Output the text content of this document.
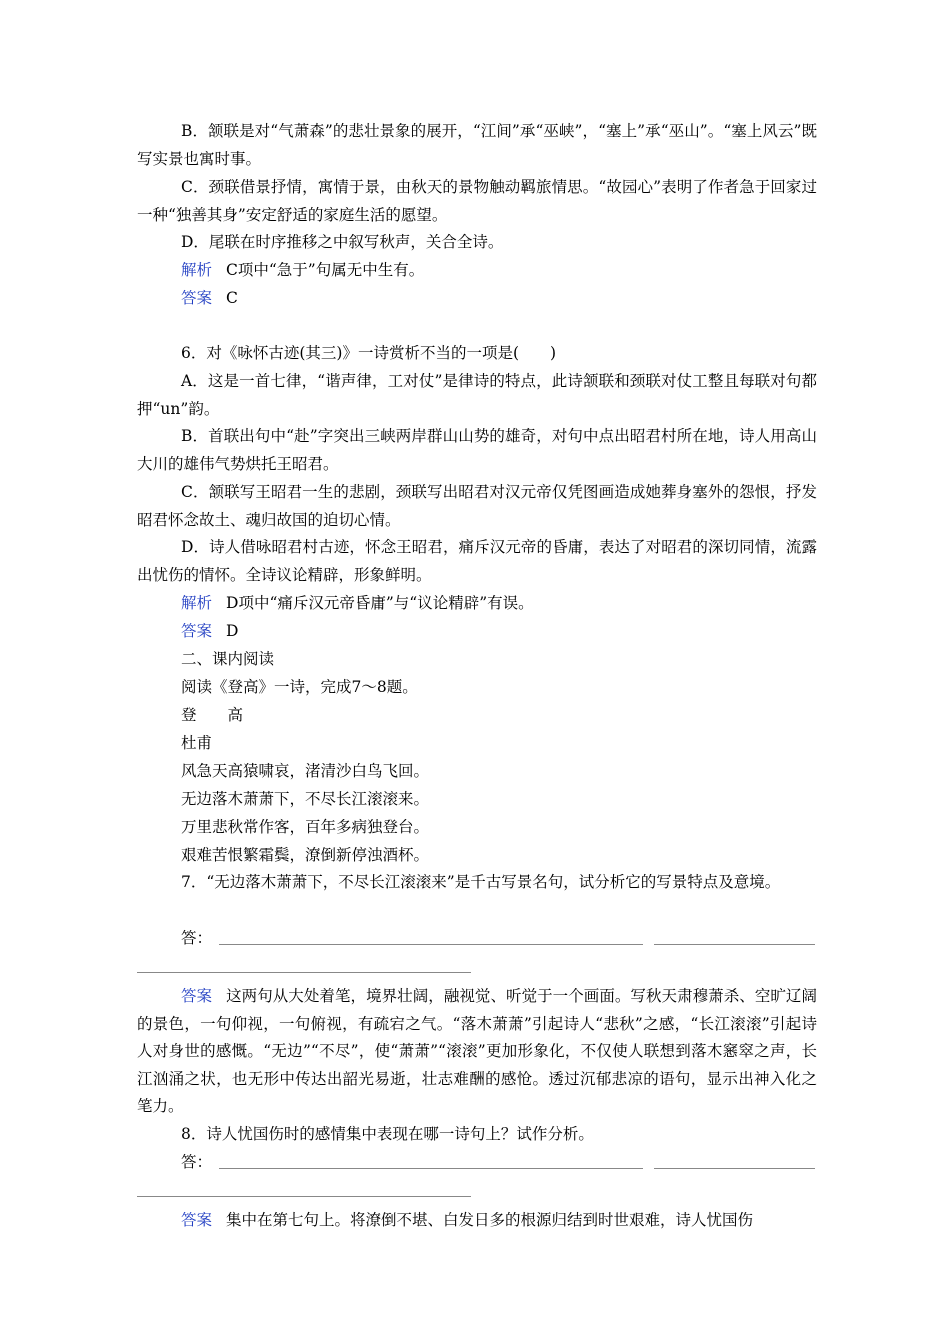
B．颔联是对“气萧森”的悲壮景象的展开，“江间”承“巫峡”，“塞上”承“巫山”。“塞上风云”既写实景也寓时事。
C．颈联借景抒情，寓情于景，由秋天的景物触动羁旅情思。“故园心”表明了作者急于回家过一种“独善其身”安定舒适的家庭生活的愿望。
D．尾联在时序推移之中叙写秋声，关合全诗。
解析 C项中“急于”句属无中生有。
答案 C
6．对《咏怀古迹(其三)》一诗赏析不当的一项是(　　)
A．这是一首七律，“谐声律，工对仗”是律诗的特点，此诗颔联和颈联对仗工整且每联对句都押“un”韵。
B．首联出句中“赴”字突出三峡两岸群山山势的雄奇，对句中点出昭君村所在地，诗人用高山大川的雄伟气势烘托王昭君。
C．颔联写王昭君一生的悲剧，颈联写出昭君对汉元帝仅凭图画造成她葬身塞外的怨恨，抒发昭君怀念故土、魂归故国的迫切心情。
D．诗人借咏昭君村古迹，怀念王昭君，痛斥汉元帝的昏庸，表达了对昭君的深切同情，流露出忧伤的情怀。全诗议论精辟，形象鲜明。
解析 D项中“痛斥汉元帝昏庸”与“议论精辟”有误。
答案 D
二、课内阅读
阅读《登高》一诗，完成7～8题。
登　　高
杜甫
风急天高猿啸哀，渚清沙白鸟飞回。
无边落木萧萧下，不尽长江滚滚来。
万里悲秋常作客，百年多病独登台。
艰难苦恨繁霜鬓，潦倒新停浊酒杯。
7．“无边落木萧萧下，不尽长江滚滚来”是千古写景名句，试分析它的写景特点及意境。
答：
答案 这两句从大处着笔，境界壮阔，融视觉、听觉于一个画面。写秋天肃穆萧杀、空旷辽阔的景色，一句仰视，一句俯视，有疏宕之气。“落木萧萧”引起诗人“悲秋”之感，“长江滚滚”引起诗人对身世的感慨。“无边”“不尽”，使“萧萧”“滚滚”更加形象化，不仅使人联想到落木窸窣之声，长江汹涌之状，也无形中传达出韶光易逝，壮志难酬的感怆。透过沉郁悲凉的语句，显示出神入化之笔力。
8．诗人忧国伤时的感情集中表现在哪一诗句上？试作分析。
答：
答案 集中在第七句上。将潦倒不堪、白发日多的根源归结到时世艰难，诗人忧国伤
